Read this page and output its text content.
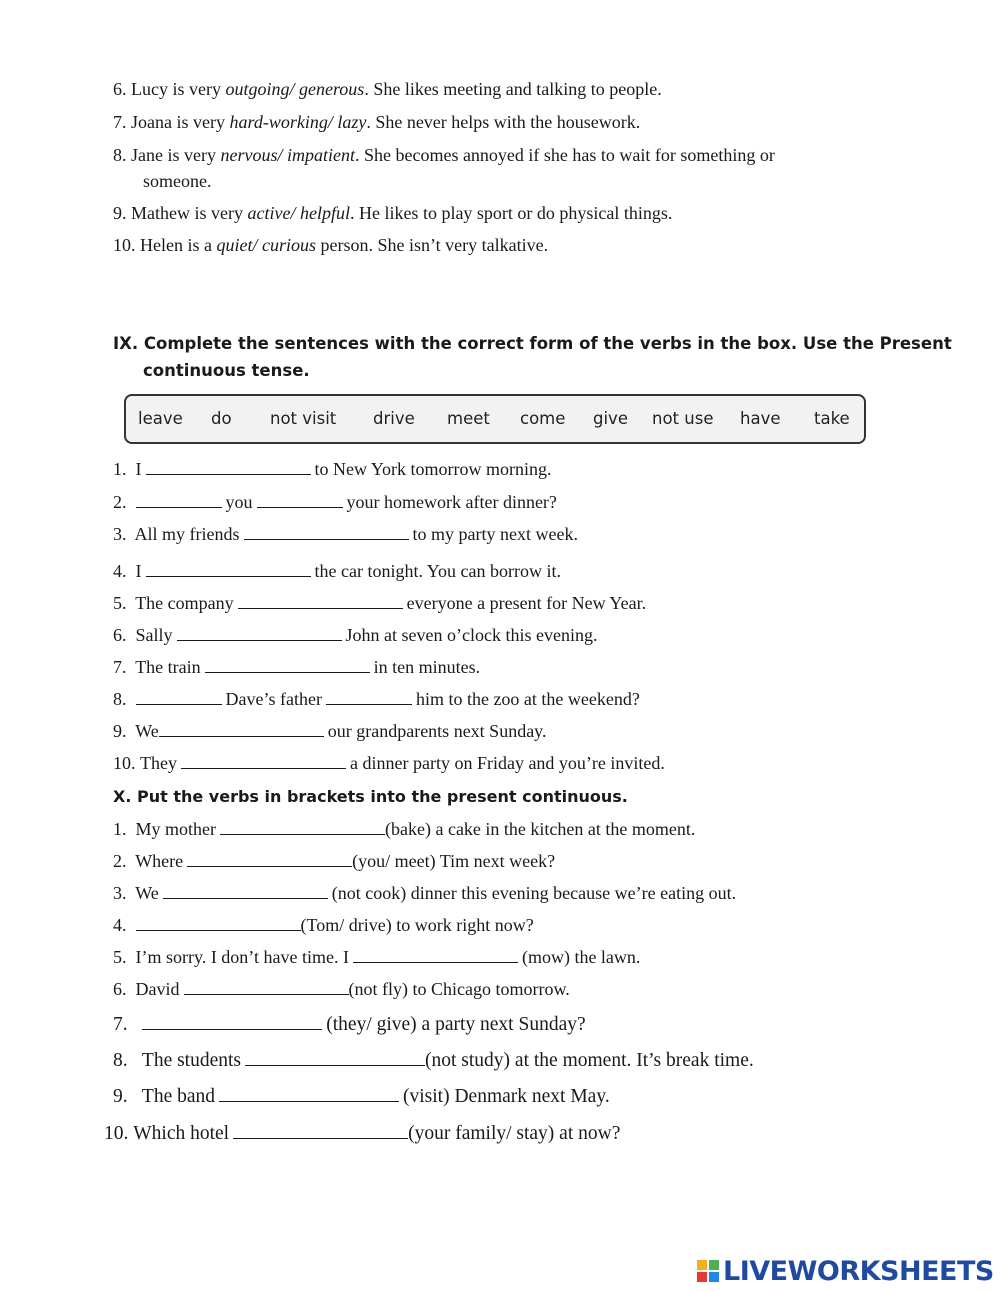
6. Lucy is very outgoing/ generous. She likes meeting and talking to people.
7. Joana is very hard-working/ lazy. She never helps with the housework.
8. Jane is very nervous/ impatient. She becomes annoyed if she has to wait for something or
someone.
9. Mathew is very active/ helpful. He likes to play sport or do physical things.
10. Helen is a quiet/ curious person. She isn’t very talkative.
IX. Complete the sentences with the correct form of the verbs in the box. Use the Present
continuous tense.
leave do not visit drive meet come give not use have take
1. I	to New York tomorrow morning.
2.	you	your homework after dinner?
3. All my friends	to my party next week.
4. I	the car tonight. You can borrow it.
5. The company	everyone a present for New Year.
6. Sally	John at seven o’clock this evening.
7. The train	in ten minutes.
8.	Dave’s father	him to the zoo at the weekend?
9. We	our grandparents next Sunday.
10. They	a dinner party on Friday and you’re invited.
X. Put the verbs in brackets into the present continuous.
1. My mother	(bake) a cake in the kitchen at the moment.
2. Where	(you/ meet) Tim next week?
3. We	(not cook) dinner this evening because we’re eating out.
4.	(Tom/ drive) to work right now?
5. I’m sorry. I don’t have time. I	(mow) the lawn.
6. David	(not fly) to Chicago tomorrow.
7.	(they/ give) a party next Sunday?
8. The students	(not study) at the moment. It’s break time.
9. The band	(visit) Denmark next May.
10. Which hotel	(your family/ stay) at now?
LIVEWORKSHEETS
